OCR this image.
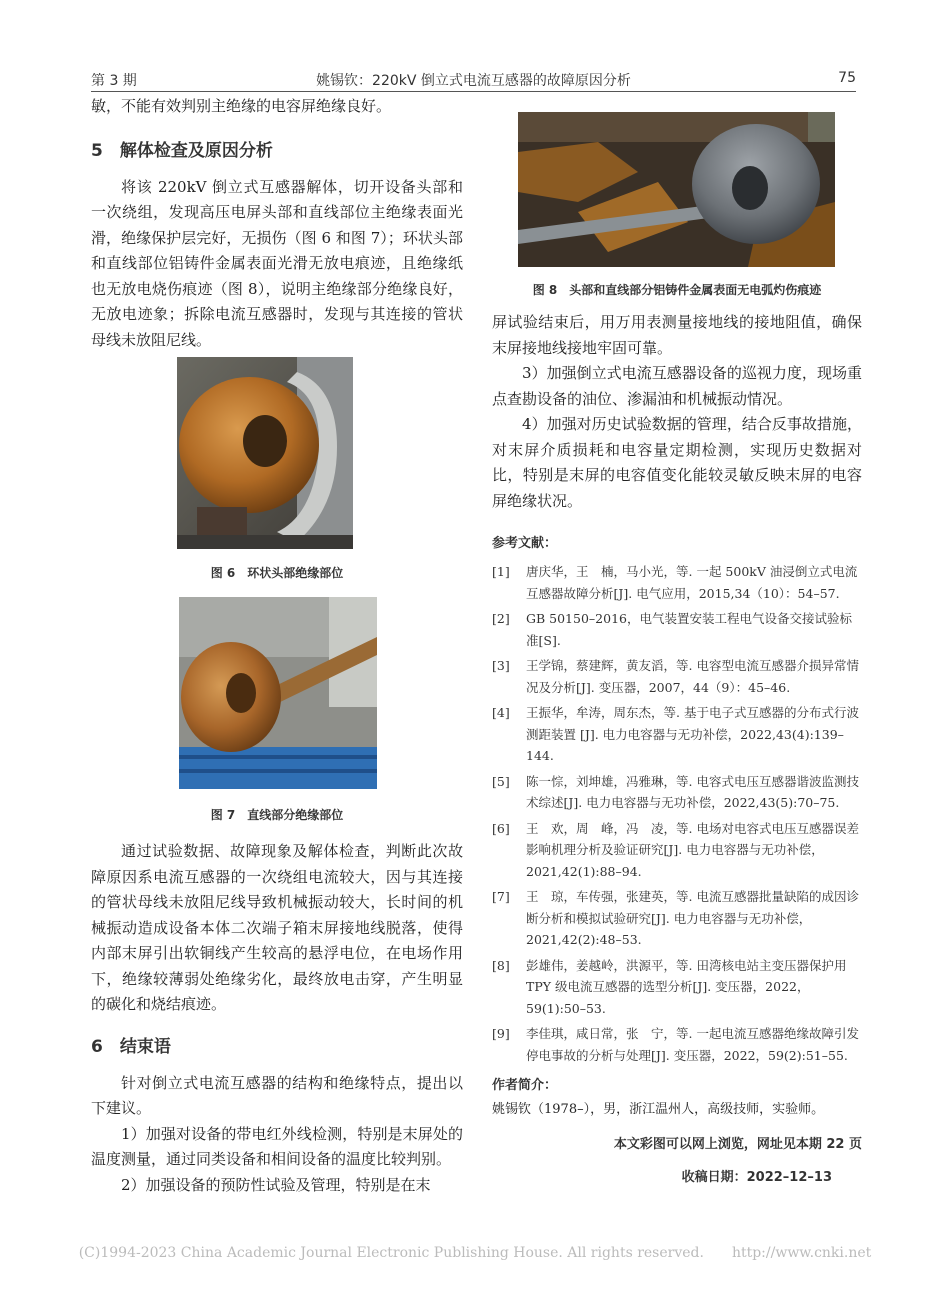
第 3 期	姚锡钦：220kV 倒立式电流互感器的故障原因分析	75

敏，不能有效判别主绝缘的电容屏绝缘良好。

5　解体检查及原因分析

将该 220kV 倒立式互感器解体，切开设备头部和一次绕组，发现高压电屏头部和直线部位主绝缘表面光滑，绝缘保护层完好，无损伤（图 6 和图 7）；环状头部和直线部位铝铸件金属表面光滑无放电痕迹，且绝缘纸也无放电烧伤痕迹（图 8），说明主绝缘部分绝缘良好，无放电迹象；拆除电流互感器时，发现与其连接的管状母线未放阻尼线。

图 6　环状头部绝缘部位
图 7　直线部分绝缘部位

通过试验数据、故障现象及解体检查，判断此次故障原因系电流互感器的一次绕组电流较大，因与其连接的管状母线未放阻尼线导致机械振动较大，长时间的机械振动造成设备本体二次端子箱末屏接地线脱落，使得内部末屏引出软铜线产生较高的悬浮电位，在电场作用下，绝缘较薄弱处绝缘劣化，最终放电击穿，产生明显的碳化和烧结痕迹。

6　结束语

针对倒立式电流互感器的结构和绝缘特点，提出以下建议。

1）加强对设备的带电红外线检测，特别是末屏处的温度测量，通过同类设备和相间设备的温度比较判别。

2）加强设备的预防性试验及管理，特别是在末

图 8　头部和直线部分铝铸件金属表面无电弧灼伤痕迹

屏试验结束后，用万用表测量接地线的接地阻值，确保末屏接地线接地牢固可靠。

3）加强倒立式电流互感器设备的巡视力度，现场重点查勘设备的油位、渗漏油和机械振动情况。

4）加强对历史试验数据的管理，结合反事故措施，对末屏介质损耗和电容量定期检测，实现历史数据对比，特别是末屏的电容值变化能较灵敏反映末屏的电容屏绝缘状况。

参考文献：
[1] 唐庆华，王　楠，马小光，等. 一起 500kV 油浸倒立式电流互感器故障分析[J]. 电气应用，2015,34（10）：54–57.
[2] GB 50150–2016，电气装置安装工程电气设备交接试验标准[S].
[3] 王学锦，蔡建辉，黄友滔，等. 电容型电流互感器介损异常情况及分析[J]. 变压器，2007，44（9）：45–46.
[4] 王振华，牟涛，周东杰，等. 基于电子式互感器的分布式行波测距装置 [J]. 电力电容器与无功补偿，2022,43(4):139–144.
[5] 陈一悰，刘坤雄，冯雅琳，等. 电容式电压互感器谐波监测技术综述[J]. 电力电容器与无功补偿，2022,43(5):70–75.
[6] 王　欢，周　峰，冯　凌，等. 电场对电容式电压互感器误差影响机理分析及验证研究[J]. 电力电容器与无功补偿，2021,42(1):88–94.
[7] 王　琼，车传强，张建英，等. 电流互感器批量缺陷的成因诊断分析和模拟试验研究[J]. 电力电容器与无功补偿，2021,42(2):48–53.
[8] 彭雄伟，姜越岭，洪源平，等. 田湾核电站主变压器保护用 TPY 级电流互感器的选型分析[J]. 变压器，2022，59(1):50–53.
[9] 李佳琪，咸日常，张　宁，等. 一起电流互感器绝缘故障引发停电事故的分析与处理[J]. 变压器，2022，59(2):51–55.
作者简介：

姚锡钦（1978–），男，浙江温州人，高级技师，实验师。

本文彩图可以网上浏览，网址见本期 22 页
收稿日期：2022–12–13
(C)1994-2023 China Academic Journal Electronic Publishing House. All rights reserved.　　http://www.cnki.net
